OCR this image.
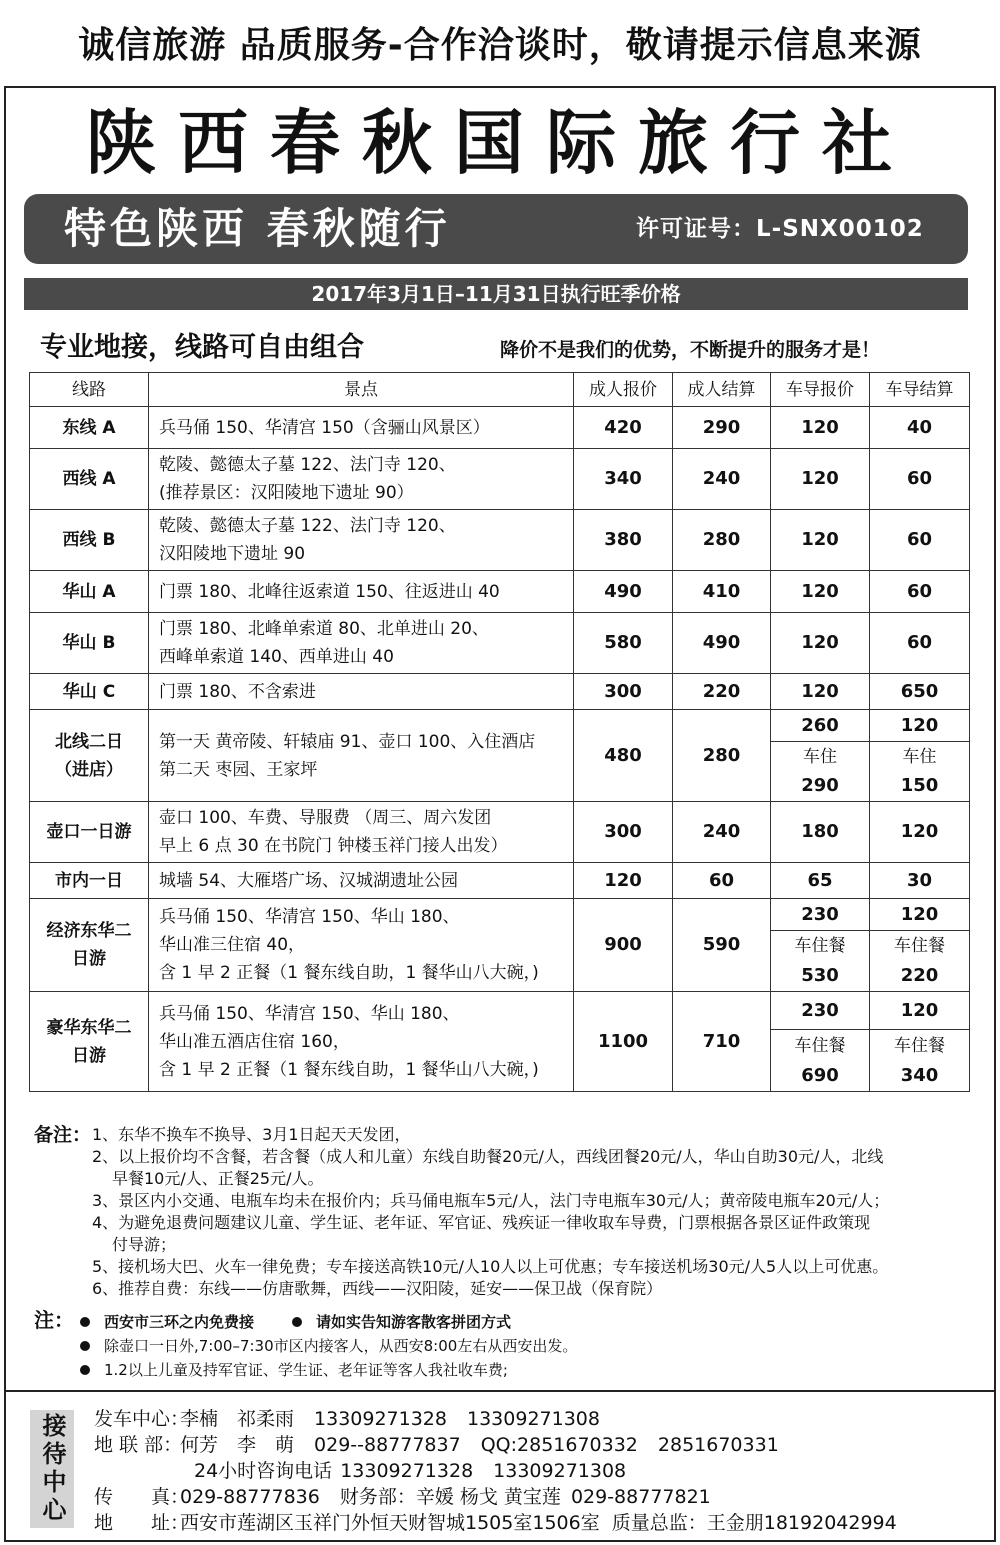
诚信旅游 品质服务-合作洽谈时，敬请提示信息来源
陕西春秋国际旅行社
特色陕西 春秋随行	许可证号：L-SNX00102
2017年3月1日–11月31日执行旺季价格
专业地接，线路可自由组合	降价不是我们的优势，不断提升的服务才是！
线路	景点	成人报价	成人结算	车导报价	车导结算
东线 A	兵马俑 150、华清宫 150（含骊山风景区）	420	290	120	40
西线 A	乾陵、懿德太子墓 122、法门寺 120、
(推荐景区：汉阳陵地下遗址 90）	340	240	120	60
西线 B	乾陵、懿德太子墓 122、法门寺 120、
汉阳陵地下遗址 90	380	280	120	60
华山 A	门票 180、北峰往返索道 150、往返进山 40	490	410	120	60
华山 B	门票 180、北峰单索道 80、北单进山 20、
西峰单索道 140、西单进山 40	580	490	120	60
华山 C	门票 180、不含索进	300	220	120	650

北线二日
（进店）	第一天 黄帝陵、轩辕庙 91、壶口 100、入住酒店
第二天 枣园、王家坪	480	280	260	120
				车住	车住
				290	150
壶口一日游	壶口 100、车费、导服费 （周三、周六发团
早上 6 点 30 在书院门 钟楼玉祥门接人出发）	300	240	180	120
市内一日	城墙 54、大雁塔广场、汉城湖遗址公园	120	60	65	30

经济东华二
日游	兵马俑 150、华清宫 150、华山 180、
华山准三住宿 40，
含 1 早 2 正餐（1 餐东线自助，1 餐华山八大碗，)	900	590	230	120
				车住餐	车住餐
				530	220

豪华东华二
日游	兵马俑 150、华清宫 150、华山 180、
华山准五酒店住宿 160，
含 1 早 2 正餐（1 餐东线自助，1 餐华山八大碗，)	1100	710	230	120
				车住餐	车住餐
				690	340
备注： 1、东华不换车不换导、3月1日起天天发团，
2、以上报价均不含餐，若含餐（成人和儿童）东线自助餐20元/人，西线团餐20元/人，华山自助30元/人，北线
早餐10元/人、正餐25元/人。
3、景区内小交通、电瓶车均未在报价内；兵马俑电瓶车5元/人，法门寺电瓶车30元/人；黄帝陵电瓶车20元/人；
4、为避免退费问题建议儿童、学生证、老年证、军官证、残疾证一律收取车导费，门票根据各景区证件政策现
付导游；
5、接机场大巴、火车一律免费；专车接送高铁10元/人10人以上可优惠；专车接送机场30元/人5人以上可优惠。
6、推荐自费：东线——仿唐歌舞，西线——汉阳陵，延安——保卫战（保育院）
注： 西安市三环之内免费接	请如实告知游客散客拼团方式
除壶口一日外,7:00–7:30市区内接客人，从西安8:00左右从西安出发。
1.2以上儿童及持军官证、学生证、老年证等客人我社收车费;
接待中心	发车中心：李楠　祁柔雨 13309271328 13309271308
地 联 部：何芳　李　萌 029--88777837 QQ:2851670332 2851670331
24小时咨询电话 13309271328 13309271308
传　　真：029-88777836 财务部：辛媛 杨戈 黄宝莲 029-88777821
地　　址：西安市莲湖区玉祥门外恒天财智城1505室1506室 质量总监：王金朋18192042994
